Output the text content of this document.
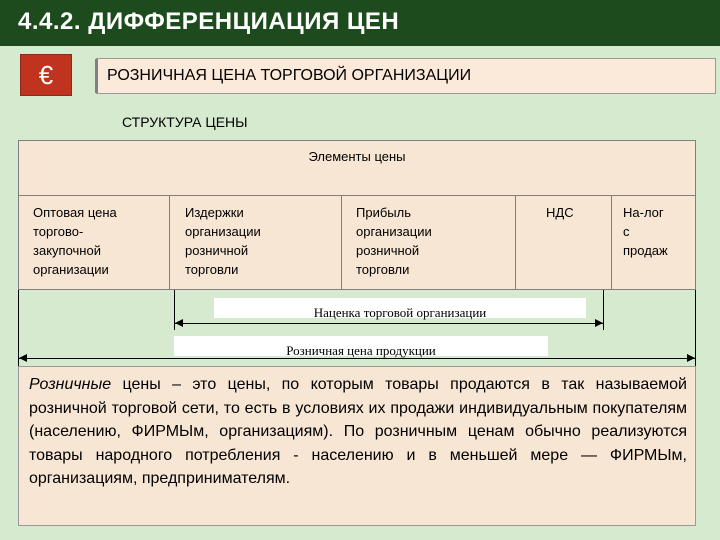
4.4.2. ДИФФЕРЕНЦИАЦИЯ ЦЕН
€	РОЗНИЧНАЯ ЦЕНА ТОРГОВОЙ ОРГАНИЗАЦИИ
СТРУКТУРА ЦЕНЫ
Элементы цены
Оптовая цена
торгово-
закупочной
организации
Издержки
организации
розничной
торговли
Прибыль
организации
розничной
торговли
НДС	На-лог
с
продаж
Наценка торговой организации
Розничная цена продукции
Розничные цены – это цены, по которым товары продаются в так называемой розничной торговой сети, то есть в условиях их продажи индивидуальным покупателям (населению, ФИРМЫм, организациям). По розничным ценам обычно реализуются товары народного потребления - населению и в меньшей мере — ФИРМЫм, организациям, предпринимателям.
